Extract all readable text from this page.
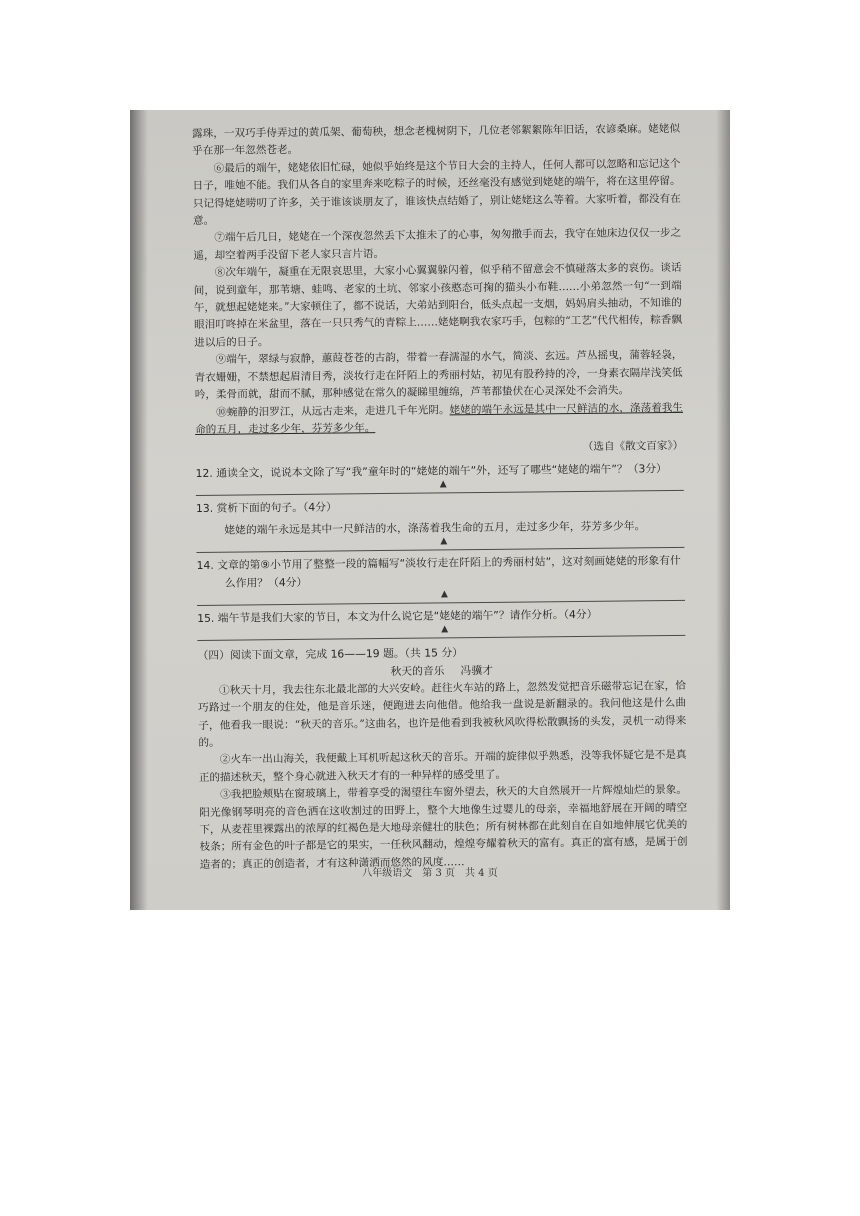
露珠，一双巧手侍弄过的黄瓜架、葡萄秧，想念老槐树阴下，几位老邻絮絮陈年旧话，农谚桑麻。姥姥似乎在那一年忽然苍老。

⑥最后的端午，姥姥依旧忙碌，她似乎始终是这个节日大会的主持人，任何人都可以忽略和忘记这个日子，唯她不能。我们从各自的家里奔来吃粽子的时候，还丝毫没有感觉到姥姥的端午，将在这里停留。只记得姥姥唠叨了许多，关于谁该谈朋友了，谁该快点结婚了，别让姥姥这么等着。大家听着，都没有在意。

⑦端午后几日，姥姥在一个深夜忽然丢下太推未了的心事，匆匆撒手而去，我守在她床边仅仅一步之遥，却空着两手没留下老人家只言片语。

⑧次年端午，凝重在无限哀思里，大家小心翼翼躲闪着，似乎稍不留意会不慎碰落太多的哀伤。谈话间，说到童年，那苇塘、蛙鸣、老家的土坑、邻家小孩憨态可掬的猫头小布鞋……小弟忽然一句“一到端午，就想起姥姥来。”大家顿住了，都不说话，大弟站到阳台，低头点起一支烟，妈妈肩头抽动，不知谁的眼泪叮咚掉在米盆里，落在一只只秀气的青粽上……姥姥啊我农家巧手，包粽的“工艺”代代相传，粽香飘进以后的日子。

⑨端午，翠绿与寂静，蕙葭苍苍的古韵，带着一春濡湿的水气，简淡、玄远。芦丛摇曳，蒲蓉轻袅，青衣姗姗，不禁想起眉清目秀，淡妆行走在阡陌上的秀丽村姑，初见有股矜持的冷，一身素衣隔岸浅笑低吟，柔骨而就，甜而不腻，那种感觉在常久的凝睇里缠绵，芦苇都蛰伏在心灵深处不会消失。

⑩蜿静的汨罗江，从远古走来，走进几千年光阴。姥姥的端午永远是其中一尺鲜洁的水，涤荡着我生命的五月，走过多少年，芬芳多少年。

（选自《散文百家》）
12. 通读全文，说说本文除了写“我”童年时的“姥姥的端午”外，还写了哪些“姥姥的端午”？（3分）
▲
13. 赏析下面的句子。（4分）
姥姥的端午永远是其中一尺鲜洁的水，涤荡着我生命的五月，走过多少年，芬芳多少年。
▲
14. 文章的第⑨小节用了整整一段的篇幅写“淡妆行走在阡陌上的秀丽村姑”，这对刻画姥姥的形象有什么作用？（4分）
▲
15. 端午节是我们大家的节日，本文为什么说它是“姥姥的端午”？请作分析。（4分）
▲
（四）阅读下面文章，完成 16——19 题。（共 15 分）

秋天的音乐 冯骥才

①秋天十月，我去往东北最北部的大兴安岭。赶往火车站的路上，忽然发觉把音乐磁带忘记在家，恰巧路过一个朋友的住处，他是音乐迷，便跑进去向他借。他给我一盘说是新翻录的。我问他这是什么曲子，他看我一眼说：“秋天的音乐。”这曲名，也许是他看到我被秋风吹得松散飘扬的头发，灵机一动得来的。

②火车一出山海关，我便戴上耳机听起这秋天的音乐。开端的旋律似乎熟悉，没等我怀疑它是不是真正的描述秋天，整个身心就进入秋天才有的一种异样的感受里了。

③我把脸颊贴在窗玻璃上，带着享受的渴望往车窗外望去，秋天的大自然展开一片辉煌灿烂的景象。阳光像钢琴明亮的音色洒在这收割过的田野上，整个大地像生过婴儿的母亲，幸福地舒展在开阔的晴空下，从麦茬里裸露出的浓厚的红褐色是大地母亲健壮的肤色；所有树林都在此刻自在自如地伸展它优美的枝条；所有金色的叶子都是它的果实，一任秋风翻动，煌煌夸耀着秋天的富有。真正的富有感，是属于创造者的；真正的创造者，才有这种潇洒而悠然的风度……

八年级语文　第 3 页　共 4 页
